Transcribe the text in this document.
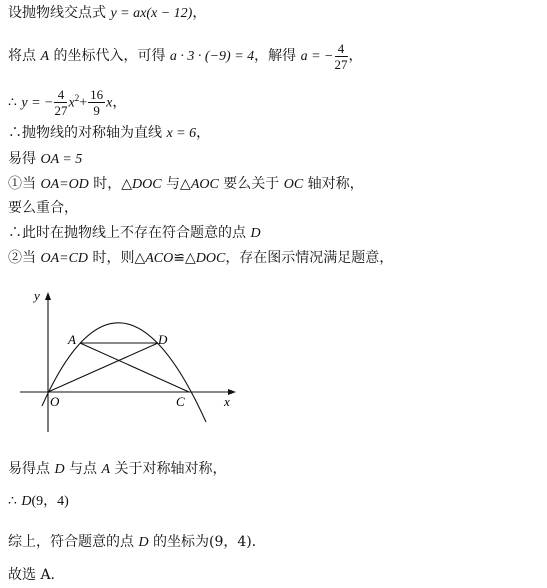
设抛物线交点式 y = ax(x − 12)，
将点 A 的坐标代入，可得 a · 3 · (−9) = 4，解得 a = − $\frac{4}{27}$ ，
∴ y = − $\frac{4}{27} x^2+ \frac{16}{9}$ x，
∴抛物线的对称轴为直线 x = 6，
易得 OA = 5
①当 OA=OD 时，△DOC 与△AOC 要么关于 OC 轴对称，
要么重合，
∴此时在抛物线上不存在符合题意的点 D
②当 OA=CD 时，则△ACO≌△DOC，存在图示情况满足题意，
y
x
O
A	D
C
易得点 D 与点 A 关于对称轴对称，
∴ D(9，4)
综上，符合题意的点 D 的坐标为(9，4)．
故选 A.
